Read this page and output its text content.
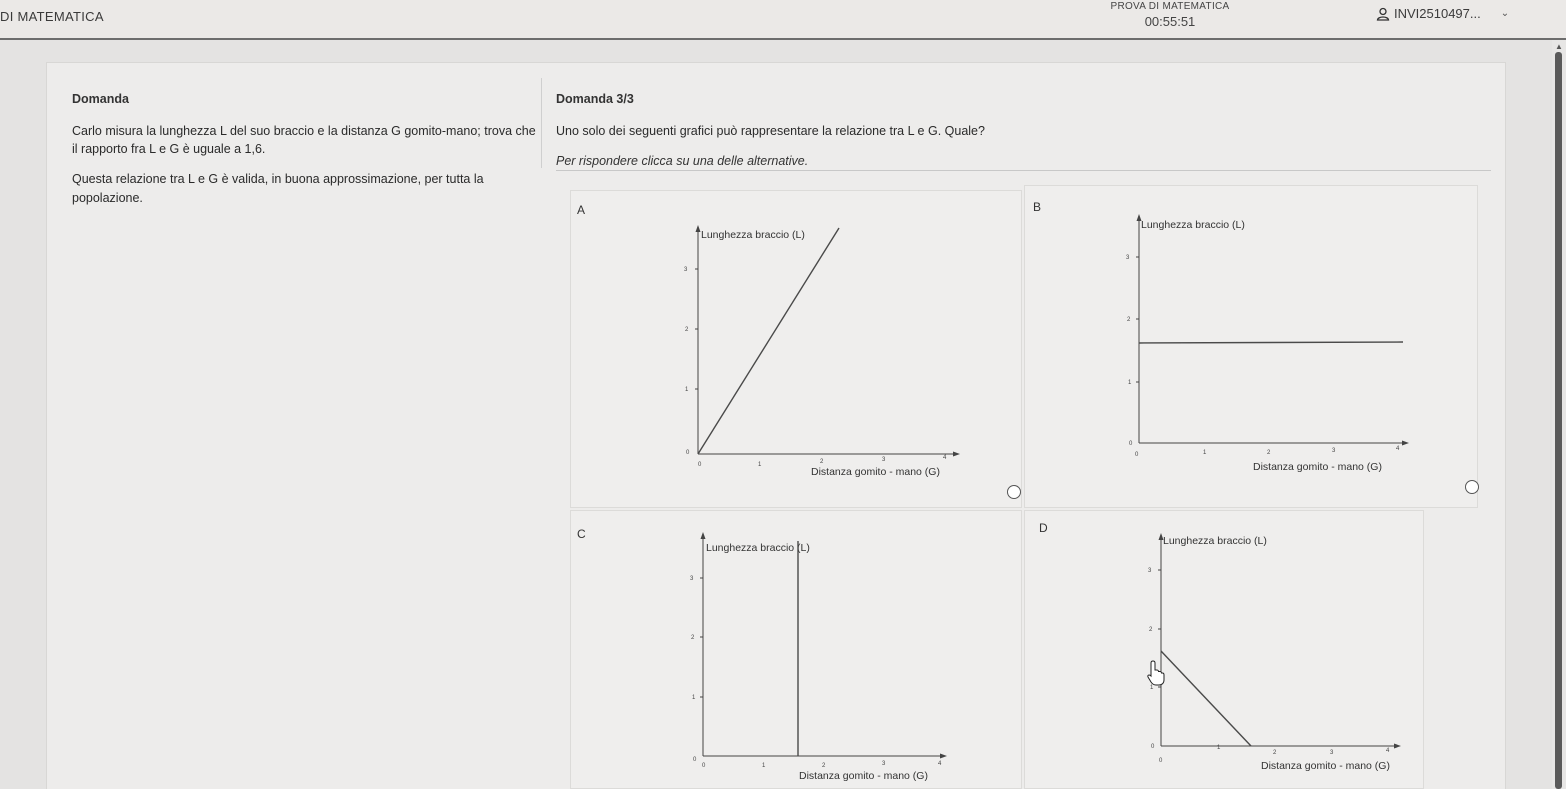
DI MATEMATICA
PROVA DI MATEMATICA
00:55:51
INVI2510497... ⌄
▲
Domanda

Carlo misura la lunghezza L del suo braccio e la distanza G gomito-mano; trova che il rapporto fra L e G è uguale a 1,6.

Questa relazione tra L e G è valida, in buona approssimazione, per tutta la popolazione.

Domanda 3/3
Uno solo dei seguenti grafici può rappresentare la relazione tra L e G. Quale?
Per rispondere clicca su una delle alternative.
A
3
2
1
0
0	1	2	3	4
Lunghezza braccio (L)
Distanza gomito - mano (G)
B
3
2
1
0
0	1	2	3	4
Lunghezza braccio (L)
Distanza gomito - mano (G)
C
3
2
1
0
0	1	2	3	4
Lunghezza braccio (L)
Distanza gomito - mano (G)
D
3
2
1
0
0
1
2	3	4
Lunghezza braccio (L)
Distanza gomito - mano (G)
